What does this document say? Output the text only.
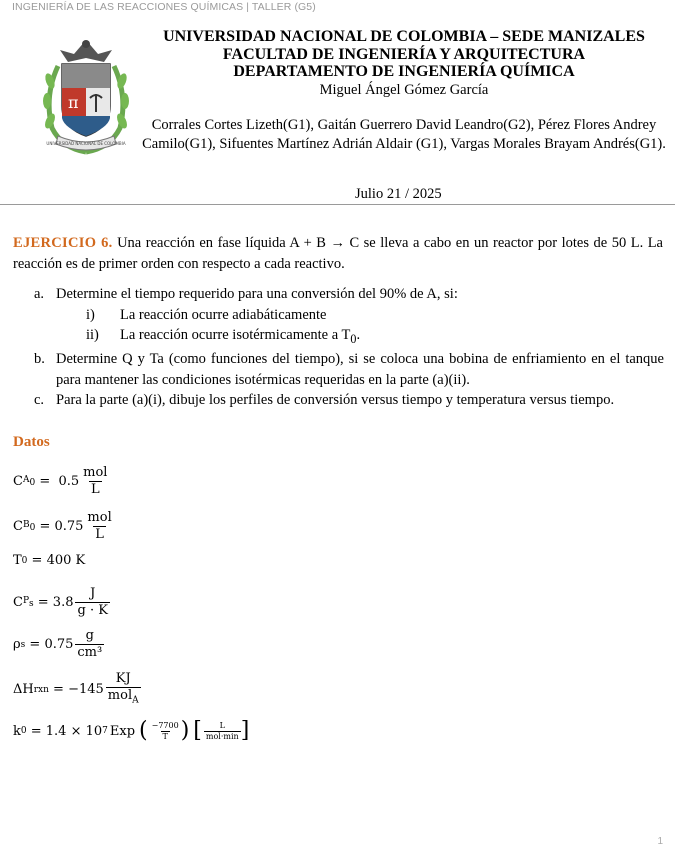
INGENIERÍA DE LAS REACCIONES QUÍMICAS | TALLER (G5)
π
UNIVERSIDAD NACIONAL DE COLOMBIA
UNIVERSIDAD NACIONAL DE COLOMBIA – SEDE MANIZALES
FACULTAD DE INGENIERÍA Y ARQUITECTURA
DEPARTAMENTO DE INGENIERÍA QUÍMICA
Miguel Ángel Gómez García
Corrales Cortes Lizeth(G1), Gaitán Guerrero David Leandro(G2), Pérez Flores Andrey Camilo(G1), Sifuentes Martínez Adrián Aldair (G1), Vargas Morales Brayam Andrés(G1).
Julio 21 / 2025
EJERCICIO 6. Una reacción en fase líquida A + B → C se lleva a cabo en un reactor por lotes de 50 L. La reacción es de primer orden con respecto a cada reactivo.
a. Determine el tiempo requerido para una conversión del 90% de A, si:
i)	La reacción ocurre adiabáticamente
ii)	La reacción ocurre isotérmicamente a $T_0$.
b. Determine Q y Ta (como funciones del tiempo), si se coloca una bobina de enfriamiento en el tanque para mantener las condiciones isotérmicas requeridas en la parte (a)(ii).
c. Para la parte (a)(i), dibuje los perfiles de conversión versus tiempo y temperatura versus tiempo.
Datos
C $A_0 = 0.5 \frac{\text{mol}}{L}$
C $B_0 = 0.75 \frac{\text{mol}}{L}$
T 0 = 400 K
C $P_s = 3.8 \frac{J}{g \cdot K}$
ρ $s = 0.75 \frac{g}{\text{cm³}}$
ΔH rxn = $-145 \frac{KJ}{mol_A}$
k 0 = 1.4 × 10 7 Exp ( $\frac{-7700}{T}$ ) [ $\frac{L}{\text{mol·min}}$ ]
1
